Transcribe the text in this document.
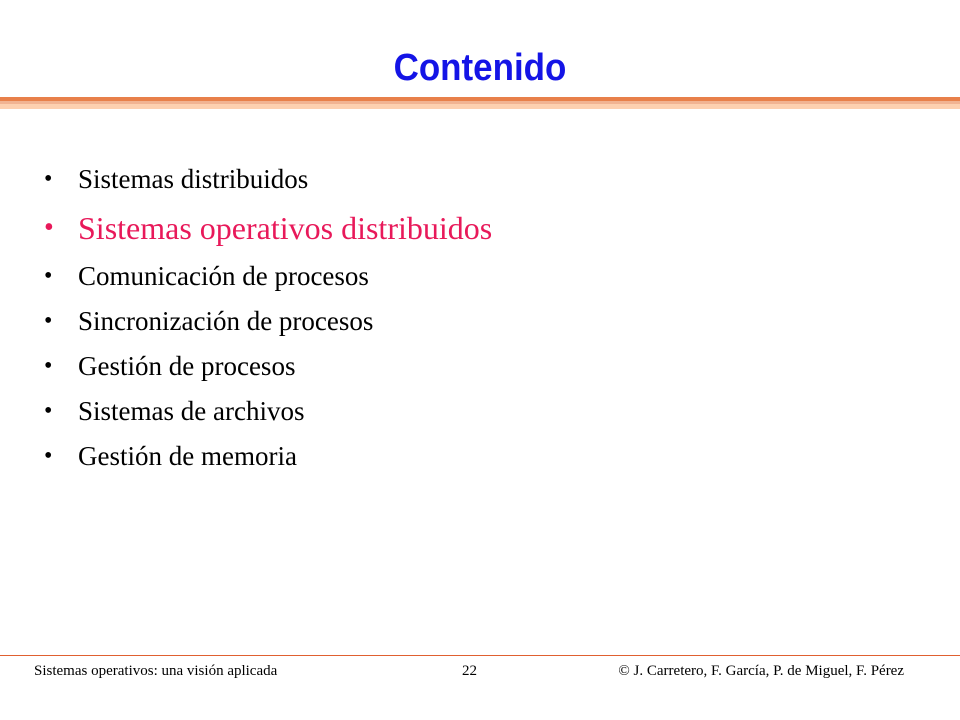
Contenido
• Sistemas distribuidos
• Sistemas operativos distribuidos
• Comunicación de procesos
• Sincronización de procesos
• Gestión de procesos
• Sistemas de archivos
• Gestión de memoria
Sistemas operativos: una visión aplicada	22	© J. Carretero, F. García, P. de Miguel, F. Pérez
